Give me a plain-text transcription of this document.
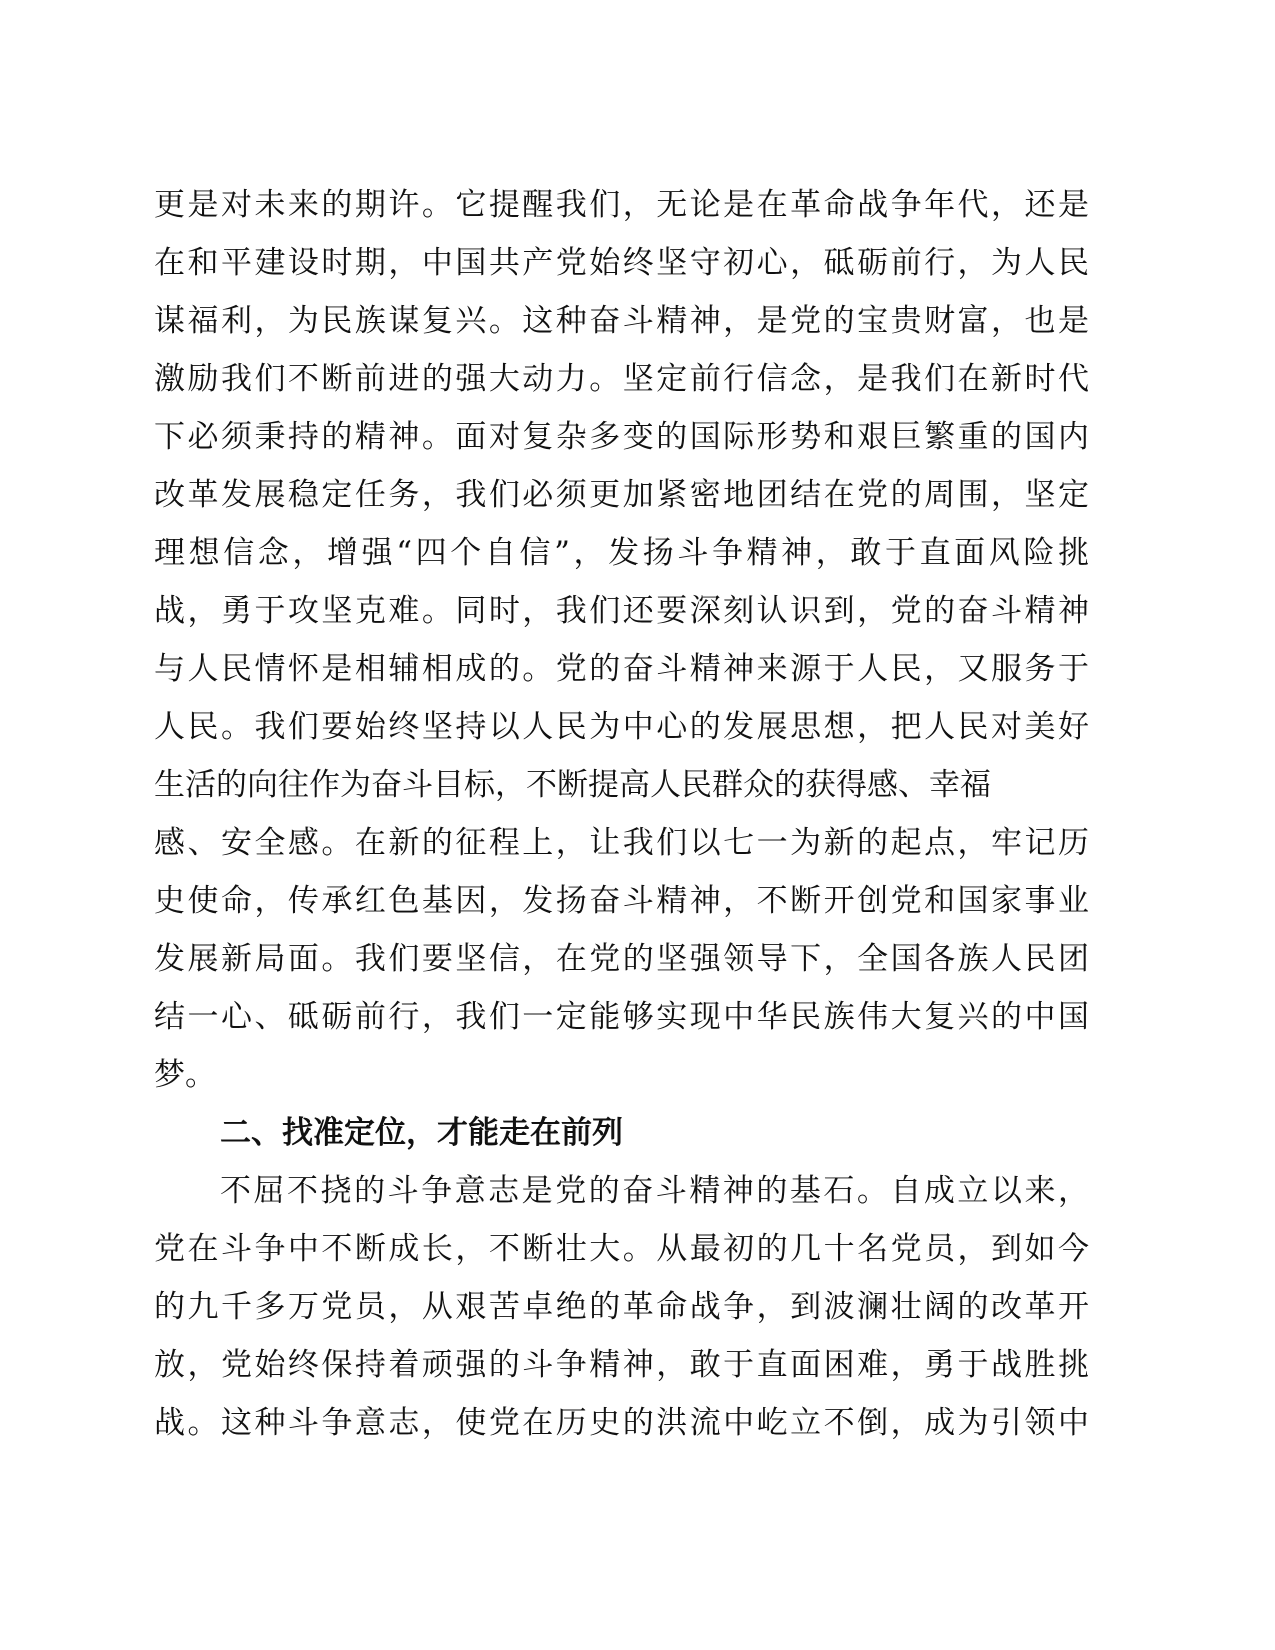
更是对未来的期许。它提醒我们，无论是在革命战争年代，还是
在和平建设时期，中国共产党始终坚守初心，砥砺前行，为人民
谋福利，为民族谋复兴。这种奋斗精神，是党的宝贵财富，也是
激励我们不断前进的强大动力。坚定前行信念，是我们在新时代
下必须秉持的精神。面对复杂多变的国际形势和艰巨繁重的国内
改革发展稳定任务，我们必须更加紧密地团结在党的周围，坚定
理想信念，增强“四个自信”，发扬斗争精神，敢于直面风险挑
战，勇于攻坚克难。同时，我们还要深刻认识到，党的奋斗精神
与人民情怀是相辅相成的。党的奋斗精神来源于人民，又服务于
人民。我们要始终坚持以人民为中心的发展思想，把人民对美好
生活的向往作为奋斗目标，不断提高人民群众的获得感、幸福
感、安全感。在新的征程上，让我们以七一为新的起点，牢记历
史使命，传承红色基因，发扬奋斗精神，不断开创党和国家事业
发展新局面。我们要坚信，在党的坚强领导下，全国各族人民团
结一心、砥砺前行，我们一定能够实现中华民族伟大复兴的中国
梦。
二、找准定位，才能走在前列
不屈不挠的斗争意志是党的奋斗精神的基石。自成立以来，
党在斗争中不断成长，不断壮大。从最初的几十名党员，到如今
的九千多万党员，从艰苦卓绝的革命战争，到波澜壮阔的改革开
放，党始终保持着顽强的斗争精神，敢于直面困难，勇于战胜挑
战。这种斗争意志，使党在历史的洪流中屹立不倒，成为引领中
